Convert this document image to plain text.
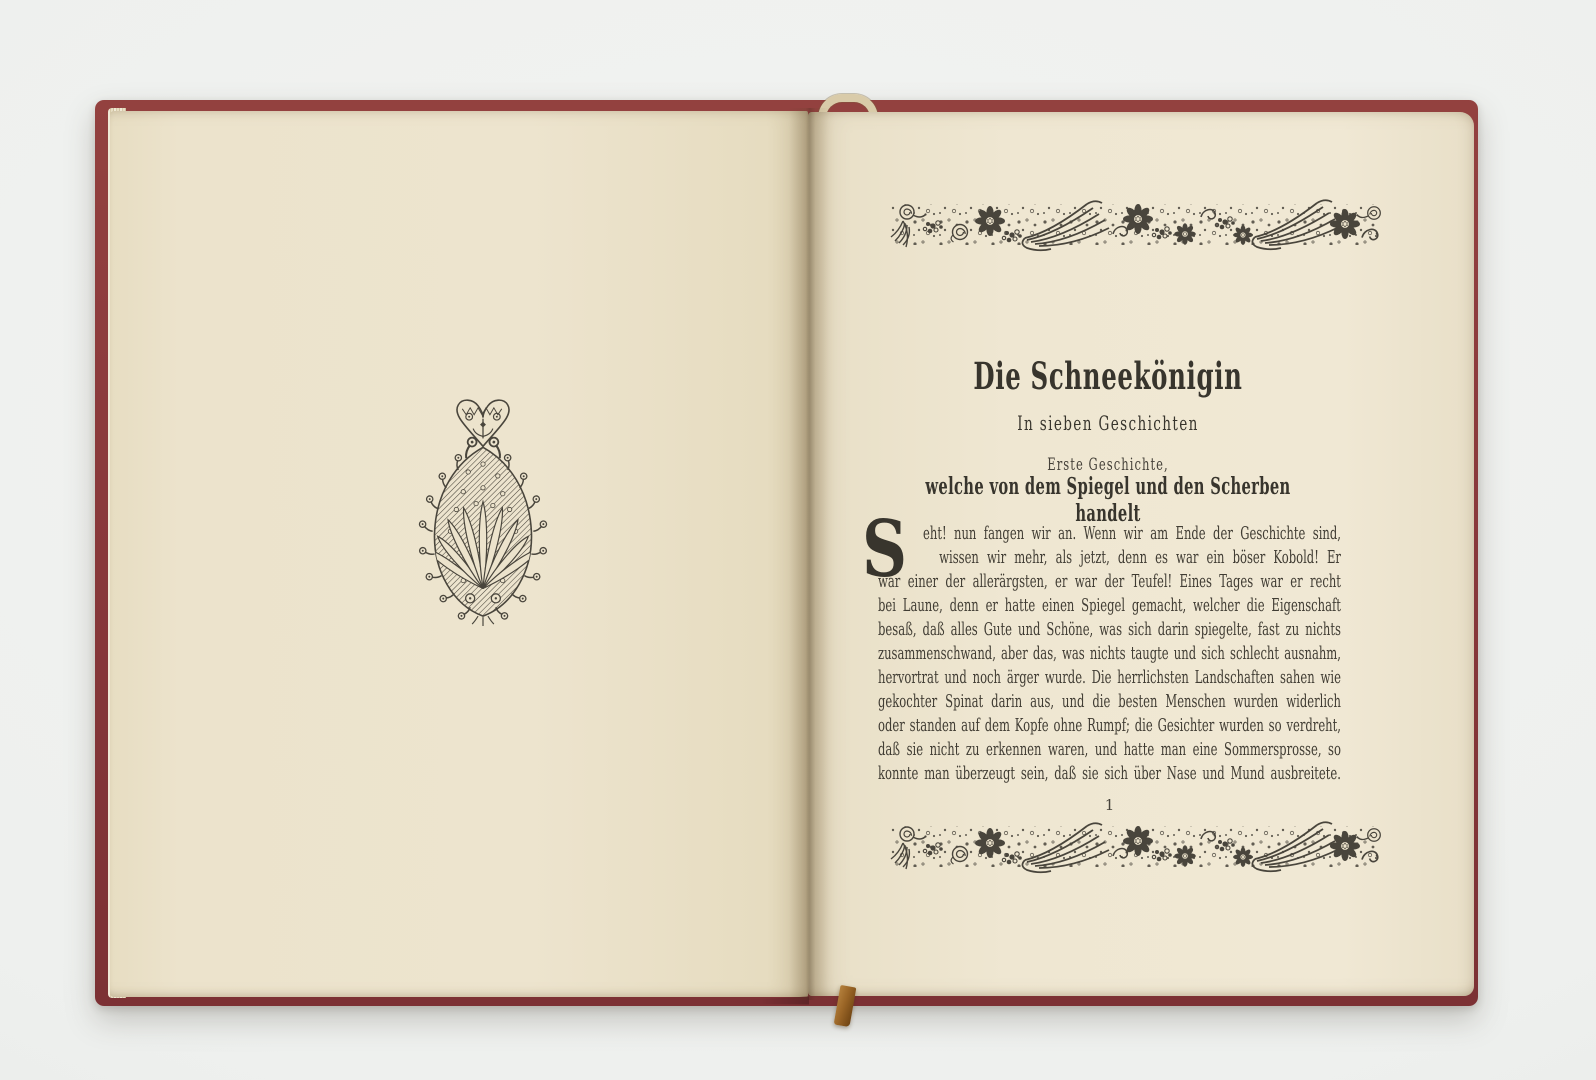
Die Schneekönigin
In sieben Geschichten
Erste Geschichte,
welche von dem Spiegel und den Scherben handelt
S eht! nun fangen wir an. Wenn wir am Ende der Geschichte sind,
wissen wir mehr, als jetzt, denn es war ein böser Kobold! Er
war einer der allerärgsten, er war der Teufel! Eines Tages war er recht
bei Laune, denn er hatte einen Spiegel gemacht, welcher die Eigenschaft
besaß, daß alles Gute und Schöne, was sich darin spiegelte, fast zu nichts
zusammenschwand, aber das, was nichts taugte und sich schlecht ausnahm,
hervortrat und noch ärger wurde. Die herrlichsten Landschaften sahen wie
gekochter Spinat darin aus, und die besten Menschen wurden widerlich
oder standen auf dem Kopfe ohne Rumpf; die Gesichter wurden so verdreht,
daß sie nicht zu erkennen waren, und hatte man eine Sommersprosse, so
konnte man überzeugt sein, daß sie sich über Nase und Mund ausbreitete.
1
